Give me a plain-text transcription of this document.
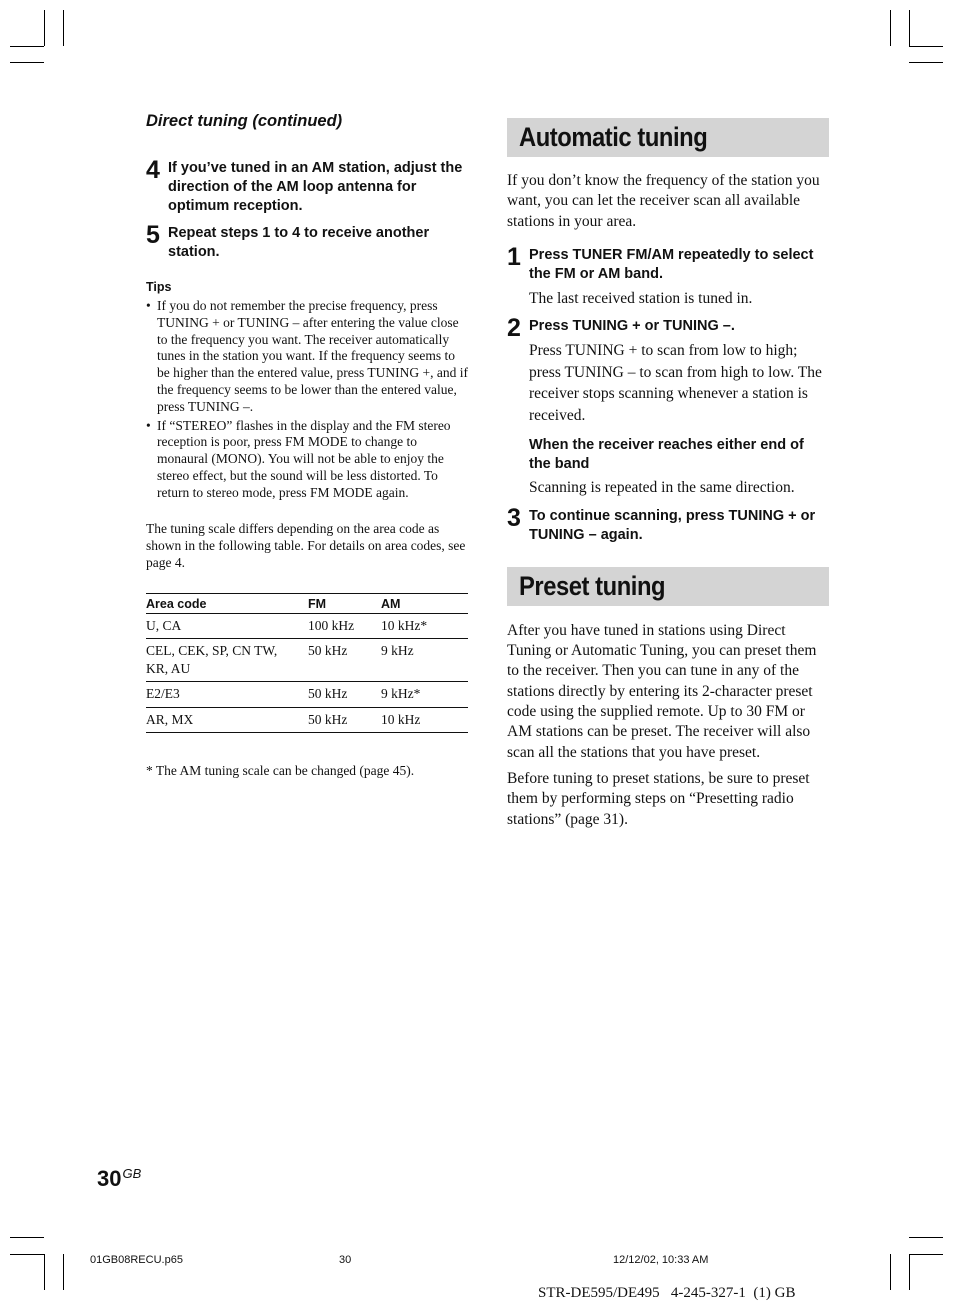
Direct tuning (continued)

4 If you’ve tuned in an AM station, adjust the direction of the AM loop antenna for optimum reception.

5 Repeat steps 1 to 4 to receive another station.

Tips

• If you do not remember the precise frequency, press TUNING + or TUNING – after entering the value close to the frequency you want. The receiver automatically tunes in the station you want. If the frequency seems to be higher than the entered value, press TUNING +, and if the frequency seems to be lower than the entered value, press TUNING –.
• If “STEREO” flashes in the display and the FM stereo reception is poor, press FM MODE to change to monaural (MONO). You will not be able to enjoy the stereo effect, but the sound will be less distorted. To return to stereo mode, press FM MODE again.

The tuning scale differs depending on the area code as shown in the following table. For details on area codes, see page 4.

Area code	FM	AM
U, CA	100 kHz	10 kHz*
CEL, CEK, SP, CN TW, KR, AU	50 kHz	9 kHz
E2/E3	50 kHz	9 kHz*
AR, MX	50 kHz	10 kHz

* The AM tuning scale can be changed (page 45).

Automatic tuning

If you don’t know the frequency of the station you want, you can let the receiver scan all available stations in your area.

1 Press TUNER FM/AM repeatedly to select the FM or AM band.

The last received station is tuned in.

2 Press TUNING + or TUNING –.

Press TUNING + to scan from low to high; press TUNING – to scan from high to low. The receiver stops scanning whenever a station is received.

When the receiver reaches either end of the band

Scanning is repeated in the same direction.

3 To continue scanning, press TUNING + or TUNING – again.

Preset tuning

After you have tuned in stations using Direct Tuning or Automatic Tuning, you can preset them to the receiver. Then you can tune in any of the stations directly by entering its 2-character preset code using the supplied remote. Up to 30 FM or AM stations can be preset. The receiver will also scan all the stations that you have preset.

Before tuning to preset stations, be sure to preset them by performing steps on “Presetting radio stations” (page 31).

$30^{GB}$
01GB08RECU.p65	30	12/12/02, 10:33 AM
STR-DE595/DE495   4-245-327-1  (1) GB
